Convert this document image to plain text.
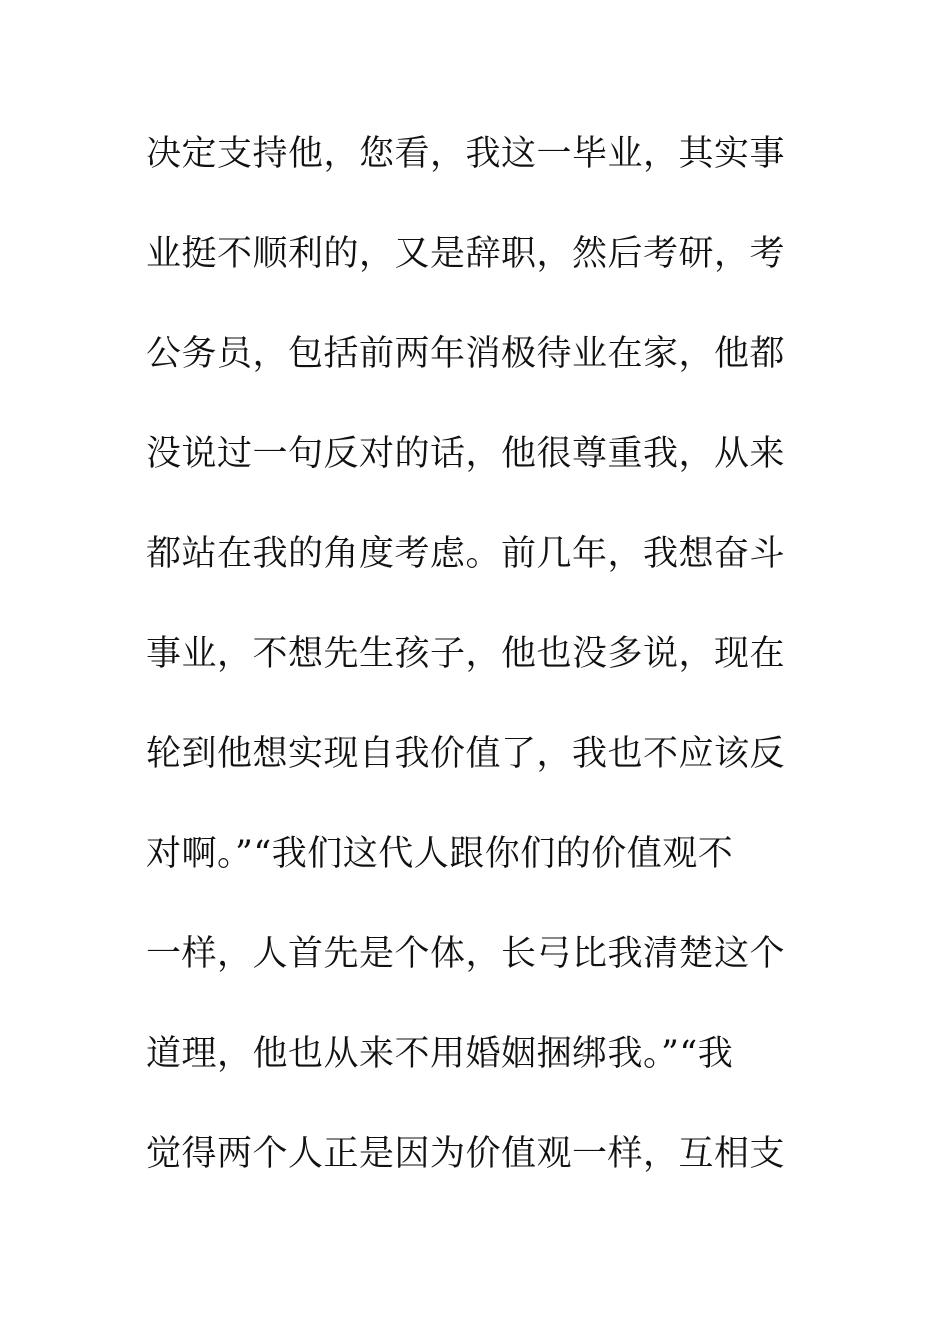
决定支持他，您看，我这一毕业，其实事
业挺不顺利的，又是辞职，然后考研，考
公务员，包括前两年消极待业在家，他都
没说过一句反对的话，他很尊重我，从来
都站在我的角度考虑。前几年，我想奋斗
事业，不想先生孩子，他也没多说，现在
轮到他想实现自我价值了，我也不应该反
对啊。”“我们这代人跟你们的价值观不
一样，人首先是个体，长弓比我清楚这个
道理，他也从来不用婚姻捆绑我。”“我
觉得两个人正是因为价值观一样，互相支
